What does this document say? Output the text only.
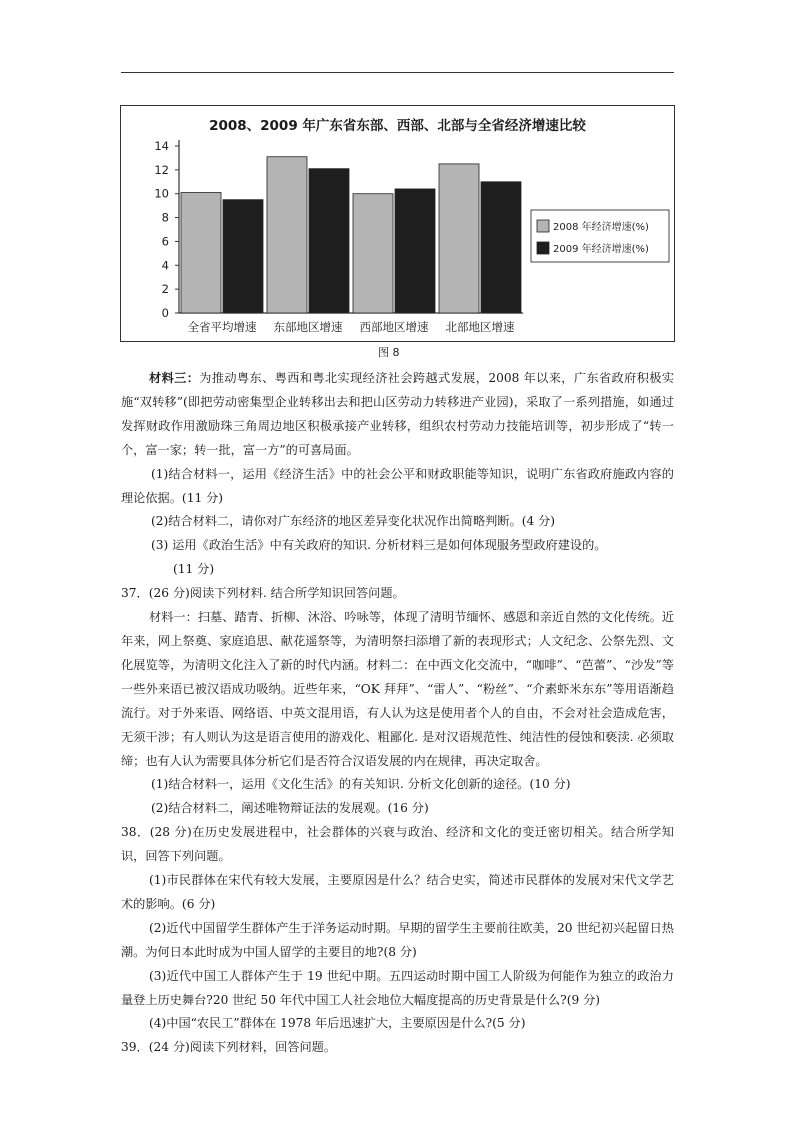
2008、2009 年广东省东部、西部、北部与全省经济增速比较
0
2
4
6
8
10
12
14
全省平均增速 东部地区增速 西部地区增速 北部地区增速
2008 年经济增速(%)
2009 年经济增速(%)
图 8

材料三：为推动粤东、粤西和粤北实现经济社会跨越式发展，2008 年以来，广东省政府积极实施“双转移”(即把劳动密集型企业转移出去和把山区劳动力转移进产业园)，采取了一系列措施，如通过发挥财政作用激励珠三角周边地区积极承接产业转移，组织农村劳动力技能培训等，初步形成了“转一个，富一家；转一批，富一方”的可喜局面。

(1)结合材料一，运用《经济生活》中的社会公平和财政职能等知识，说明广东省政府施政内容的理论依据。(11 分)

(2)结合材料二，请你对广东经济的地区差异变化状况作出简略判断。(4 分)

(3) 运用《政治生活》中有关政府的知识. 分析材料三是如何体现服务型政府建设的。

(11 分)

37．(26 分)阅读下列材料. 结合所学知识回答问题。

材料一：扫墓、踏青、折柳、沐浴、吟咏等，体现了清明节缅怀、感恩和亲近自然的文化传统。近年来，网上祭奠、家庭追思、献花遥祭等，为清明祭扫添增了新的表现形式；人文纪念、公祭先烈、文化展览等，为清明文化注入了新的时代内涵。材料二：在中西文化交流中，“咖啡”、“芭蕾”、“沙发”等一些外来语已被汉语成功吸纳。近些年来，“OK 拜拜”、“雷人”、“粉丝”、“介素虾米东东”等用语渐趋流行。对于外来语、网络语、中英文混用语，有人认为这是使用者个人的自由，不会对社会造成危害，无须干涉；有人则认为这是语言使用的游戏化、粗鄙化. 是对汉语规范性、纯洁性的侵蚀和亵渎. 必须取缔；也有人认为需要具体分析它们是否符合汉语发展的内在规律，再决定取舍。

(1)结合材料一，运用《文化生活》的有关知识. 分析文化创新的途径。(10 分)

(2)结合材料二，阐述唯物辩证法的发展观。(16 分)

38．(28 分)在历史发展进程中，社会群体的兴衰与政治、经济和文化的变迁密切相关。结合所学知识，回答下列问题。

(1)市民群体在宋代有较大发展，主要原因是什么？结合史实，简述市民群体的发展对宋代文学艺术的影响。(6 分)

(2)近代中国留学生群体产生于洋务运动时期。早期的留学生主要前往欧美，20 世纪初兴起留日热潮。为何日本此时成为中国人留学的主要目的地?(8 分)

(3)近代中国工人群体产生于 19 世纪中期。五四运动时期中国工人阶级为何能作为独立的政治力量登上历史舞台?20 世纪 50 年代中国工人社会地位大幅度提高的历史背景是什么?(9 分)

(4)中国“农民工”群体在 1978 年后迅速扩大，主要原因是什么?(5 分)

39．(24 分)阅读下列材料，回答问题。
